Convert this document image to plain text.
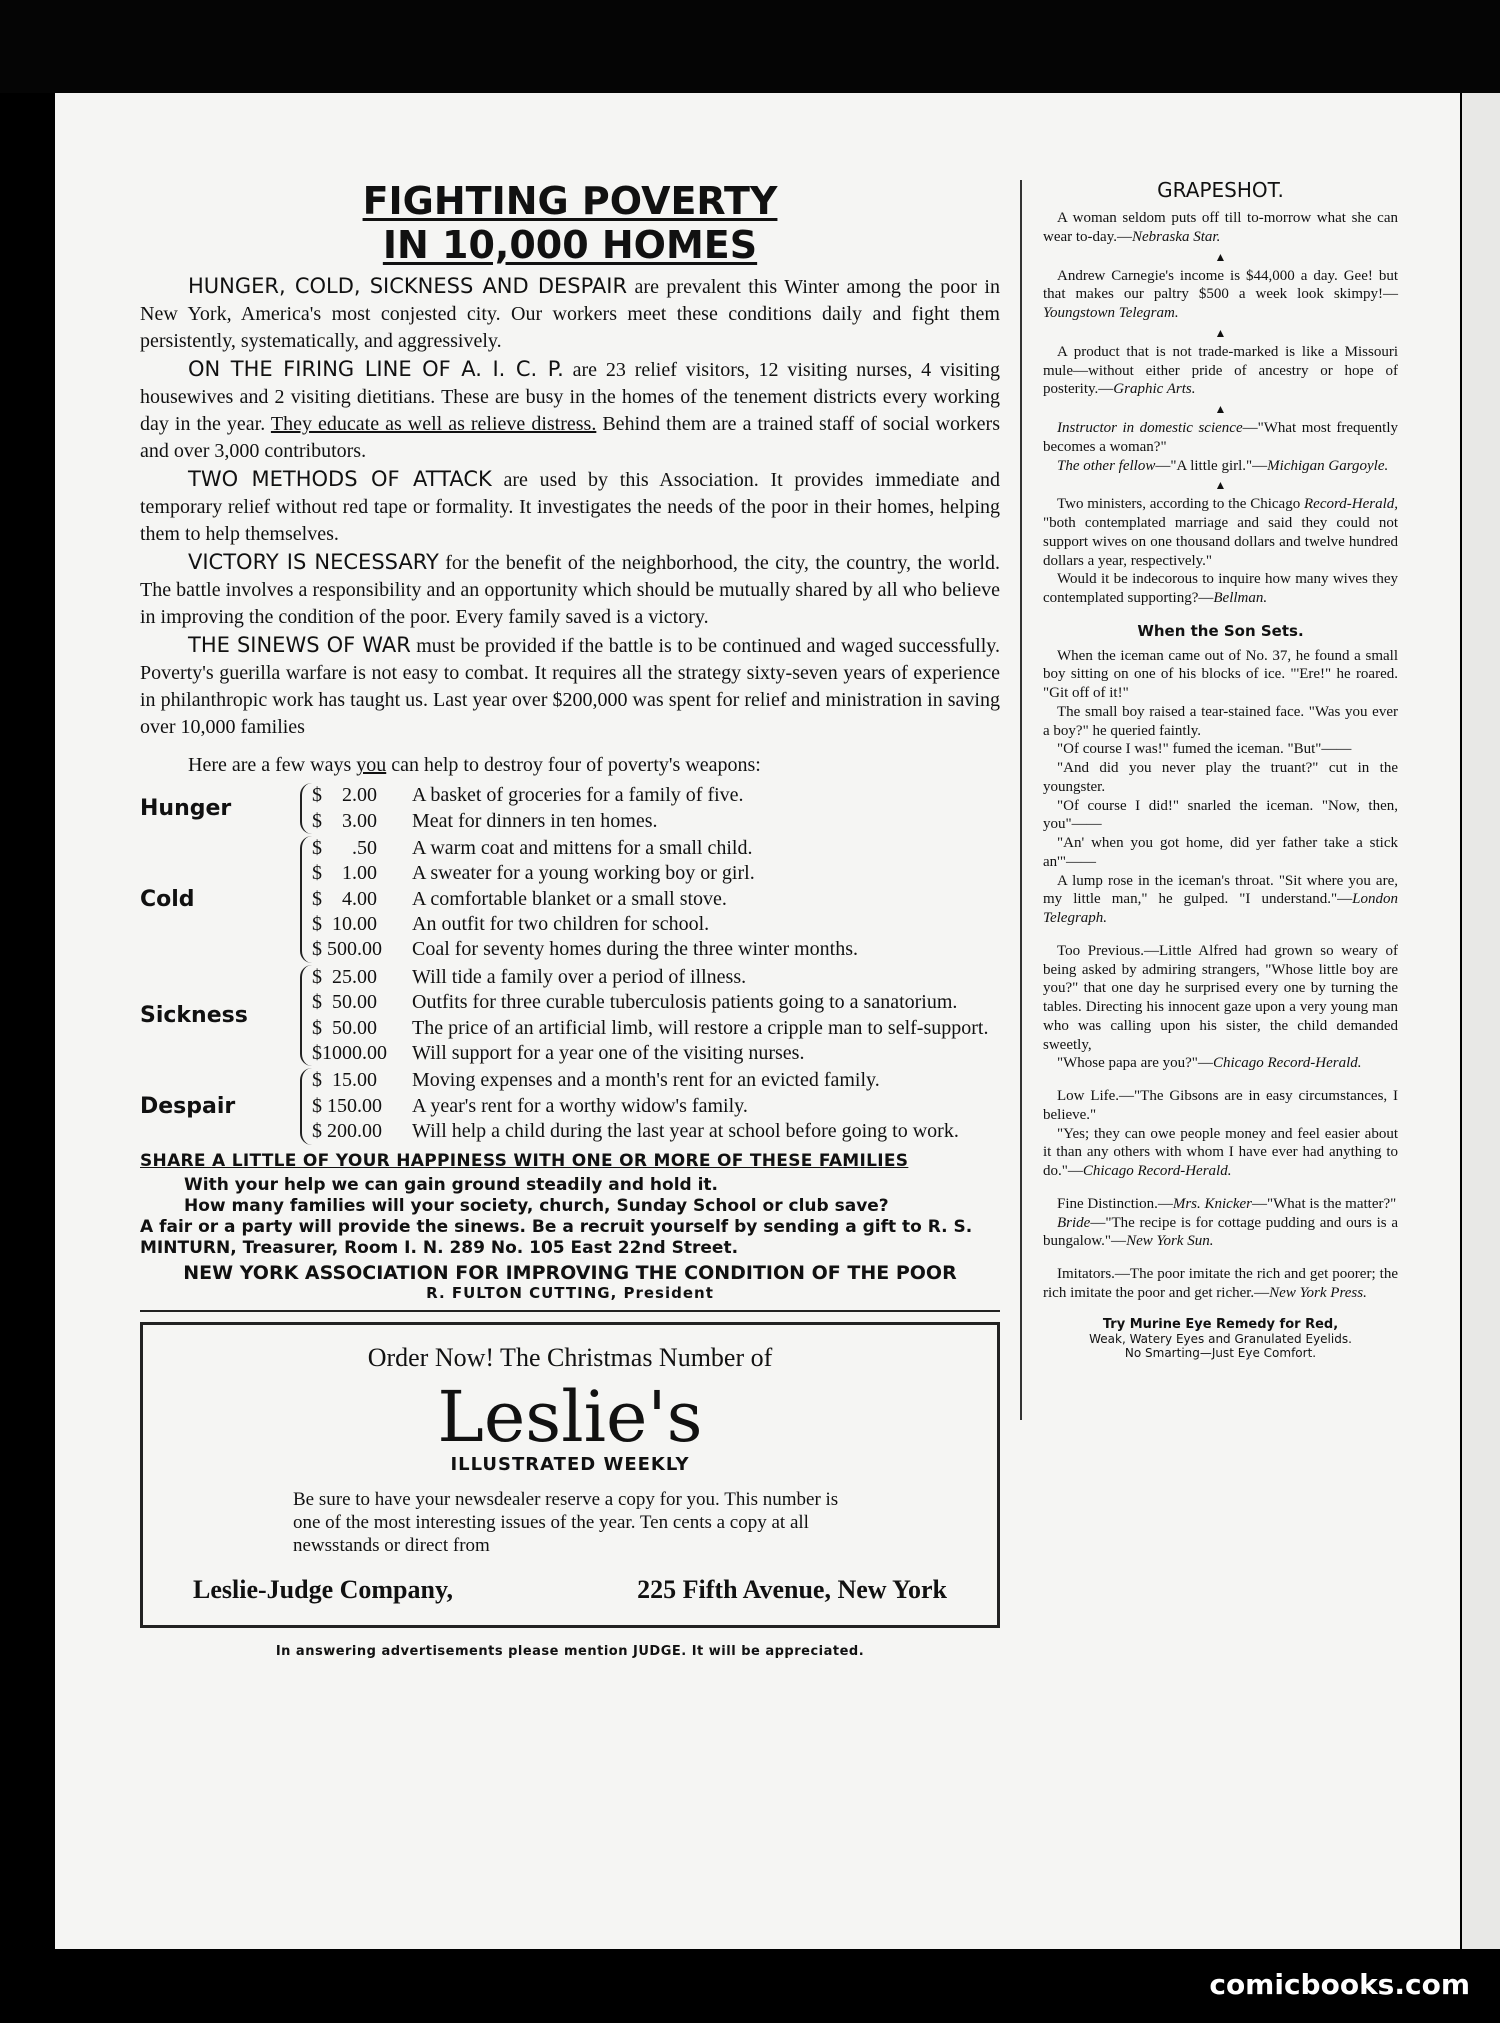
FIGHTING POVERTY
IN 10,000 HOMES

HUNGER, COLD, SICKNESS AND DESPAIR are prevalent this Winter among the poor in New York, America's most conjested city. Our workers meet these conditions daily and fight them persistently, systematically, and aggressively.

ON THE FIRING LINE OF A. I. C. P. are 23 relief visitors, 12 visiting nurses, 4 visiting housewives and 2 visiting dietitians. These are busy in the homes of the tenement districts every working day in the year. They educate as well as relieve distress. Behind them are a trained staff of social workers and over 3,000 contributors.

TWO METHODS OF ATTACK are used by this Association. It provides immediate and temporary relief without red tape or formality. It investigates the needs of the poor in their homes, helping them to help themselves.

VICTORY IS NECESSARY for the benefit of the neighborhood, the city, the country, the world. The battle involves a responsibility and an opportunity which should be mutually shared by all who believe in improving the condition of the poor. Every family saved is a victory.

THE SINEWS OF WAR must be provided if the battle is to be continued and waged successfully. Poverty's guerilla warfare is not easy to combat. It requires all the strategy sixty-seven years of experience in philanthropic work has taught us. Last year over $200,000 was spent for relief and ministration in saving over 10,000 families

Here are a few ways you can help to destroy four of poverty's weapons:
Hunger
$    2.00	A basket of groceries for a family of five.
$    3.00	Meat for dinners in ten homes.
Cold
$      .50	A warm coat and mittens for a small child.
$    1.00	A sweater for a young working boy or girl.
$    4.00	A comfortable blanket or a small stove.
$  10.00	An outfit for two children for school.
$ 500.00	Coal for seventy homes during the three winter months.
Sickness
$  25.00	Will tide a family over a period of illness.
$  50.00	Outfits for three curable tuberculosis patients going to a sanatorium.
$  50.00	The price of an artificial limb, will restore a cripple man to self-support.
$1000.00	Will support for a year one of the visiting nurses.
Despair
$  15.00	Moving expenses and a month's rent for an evicted family.
$ 150.00	A year's rent for a worthy widow's family.
$ 200.00	Will help a child during the last year at school before going to work.
SHARE A LITTLE OF YOUR HAPPINESS WITH ONE OR MORE OF THESE FAMILIES
With your help we can gain ground steadily and hold it.
How many families will your society, church, Sunday School or club save?
A fair or a party will provide the sinews. Be a recruit yourself by sending a gift to R. S. MINTURN, Treasurer, Room I. N. 289 No. 105 East 22nd Street.
NEW YORK ASSOCIATION FOR IMPROVING THE CONDITION OF THE POOR
R. FULTON CUTTING, President
Order Now! The Christmas Number of
Leslie's
ILLUSTRATED WEEKLY
Be sure to have your newsdealer reserve a copy for you. This number is one of the most interesting issues of the year. Ten cents a copy at all newsstands or direct from
Leslie-Judge Company,	225 Fifth Avenue, New York
In answering advertisements please mention JUDGE. It will be appreciated.
GRAPESHOT.

A woman seldom puts off till to-morrow what she can wear to-day.—Nebraska Star.

▲

Andrew Carnegie's income is $44,000 a day. Gee! but that makes our paltry $500 a week look skimpy!—Youngstown Telegram.

▲

A product that is not trade-marked is like a Missouri mule—without either pride of ancestry or hope of posterity.—Graphic Arts.

▲

Instructor in domestic science—"What most frequently becomes a woman?"

The other fellow—"A little girl."—Michigan Gargoyle.

▲

Two ministers, according to the Chicago Record-Herald, "both contemplated marriage and said they could not support wives on one thousand dollars and twelve hundred dollars a year, respectively."

Would it be indecorous to inquire how many wives they contemplated supporting?—Bellman.

When the Son Sets.

When the iceman came out of No. 37, he found a small boy sitting on one of his blocks of ice. "'Ere!" he roared. "Git off of it!"

The small boy raised a tear-stained face. "Was you ever a boy?" he queried faintly.

"Of course I was!" fumed the iceman. "But"——

"And did you never play the truant?" cut in the youngster.

"Of course I did!" snarled the iceman. "Now, then, you"——

"An' when you got home, did yer father take a stick an'"——

A lump rose in the iceman's throat. "Sit where you are, my little man," he gulped. "I understand."—London Telegraph.

Too Previous.—Little Alfred had grown so weary of being asked by admiring strangers, "Whose little boy are you?" that one day he surprised every one by turning the tables. Directing his innocent gaze upon a very young man who was calling upon his sister, the child demanded sweetly,

"Whose papa are you?"—Chicago Record-Herald.

Low Life.—"The Gibsons are in easy circumstances, I believe."

"Yes; they can owe people money and feel easier about it than any others with whom I have ever had anything to do."—Chicago Record-Herald.

Fine Distinction.—Mrs. Knicker—"What is the matter?"

Bride—"The recipe is for cottage pudding and ours is a bungalow."—New York Sun.

Imitators.—The poor imitate the rich and get poorer; the rich imitate the poor and get richer.—New York Press.

Try Murine Eye Remedy for Red,
Weak, Watery Eyes and Granulated Eyelids.
No Smarting—Just Eye Comfort.
comicbooks.com
